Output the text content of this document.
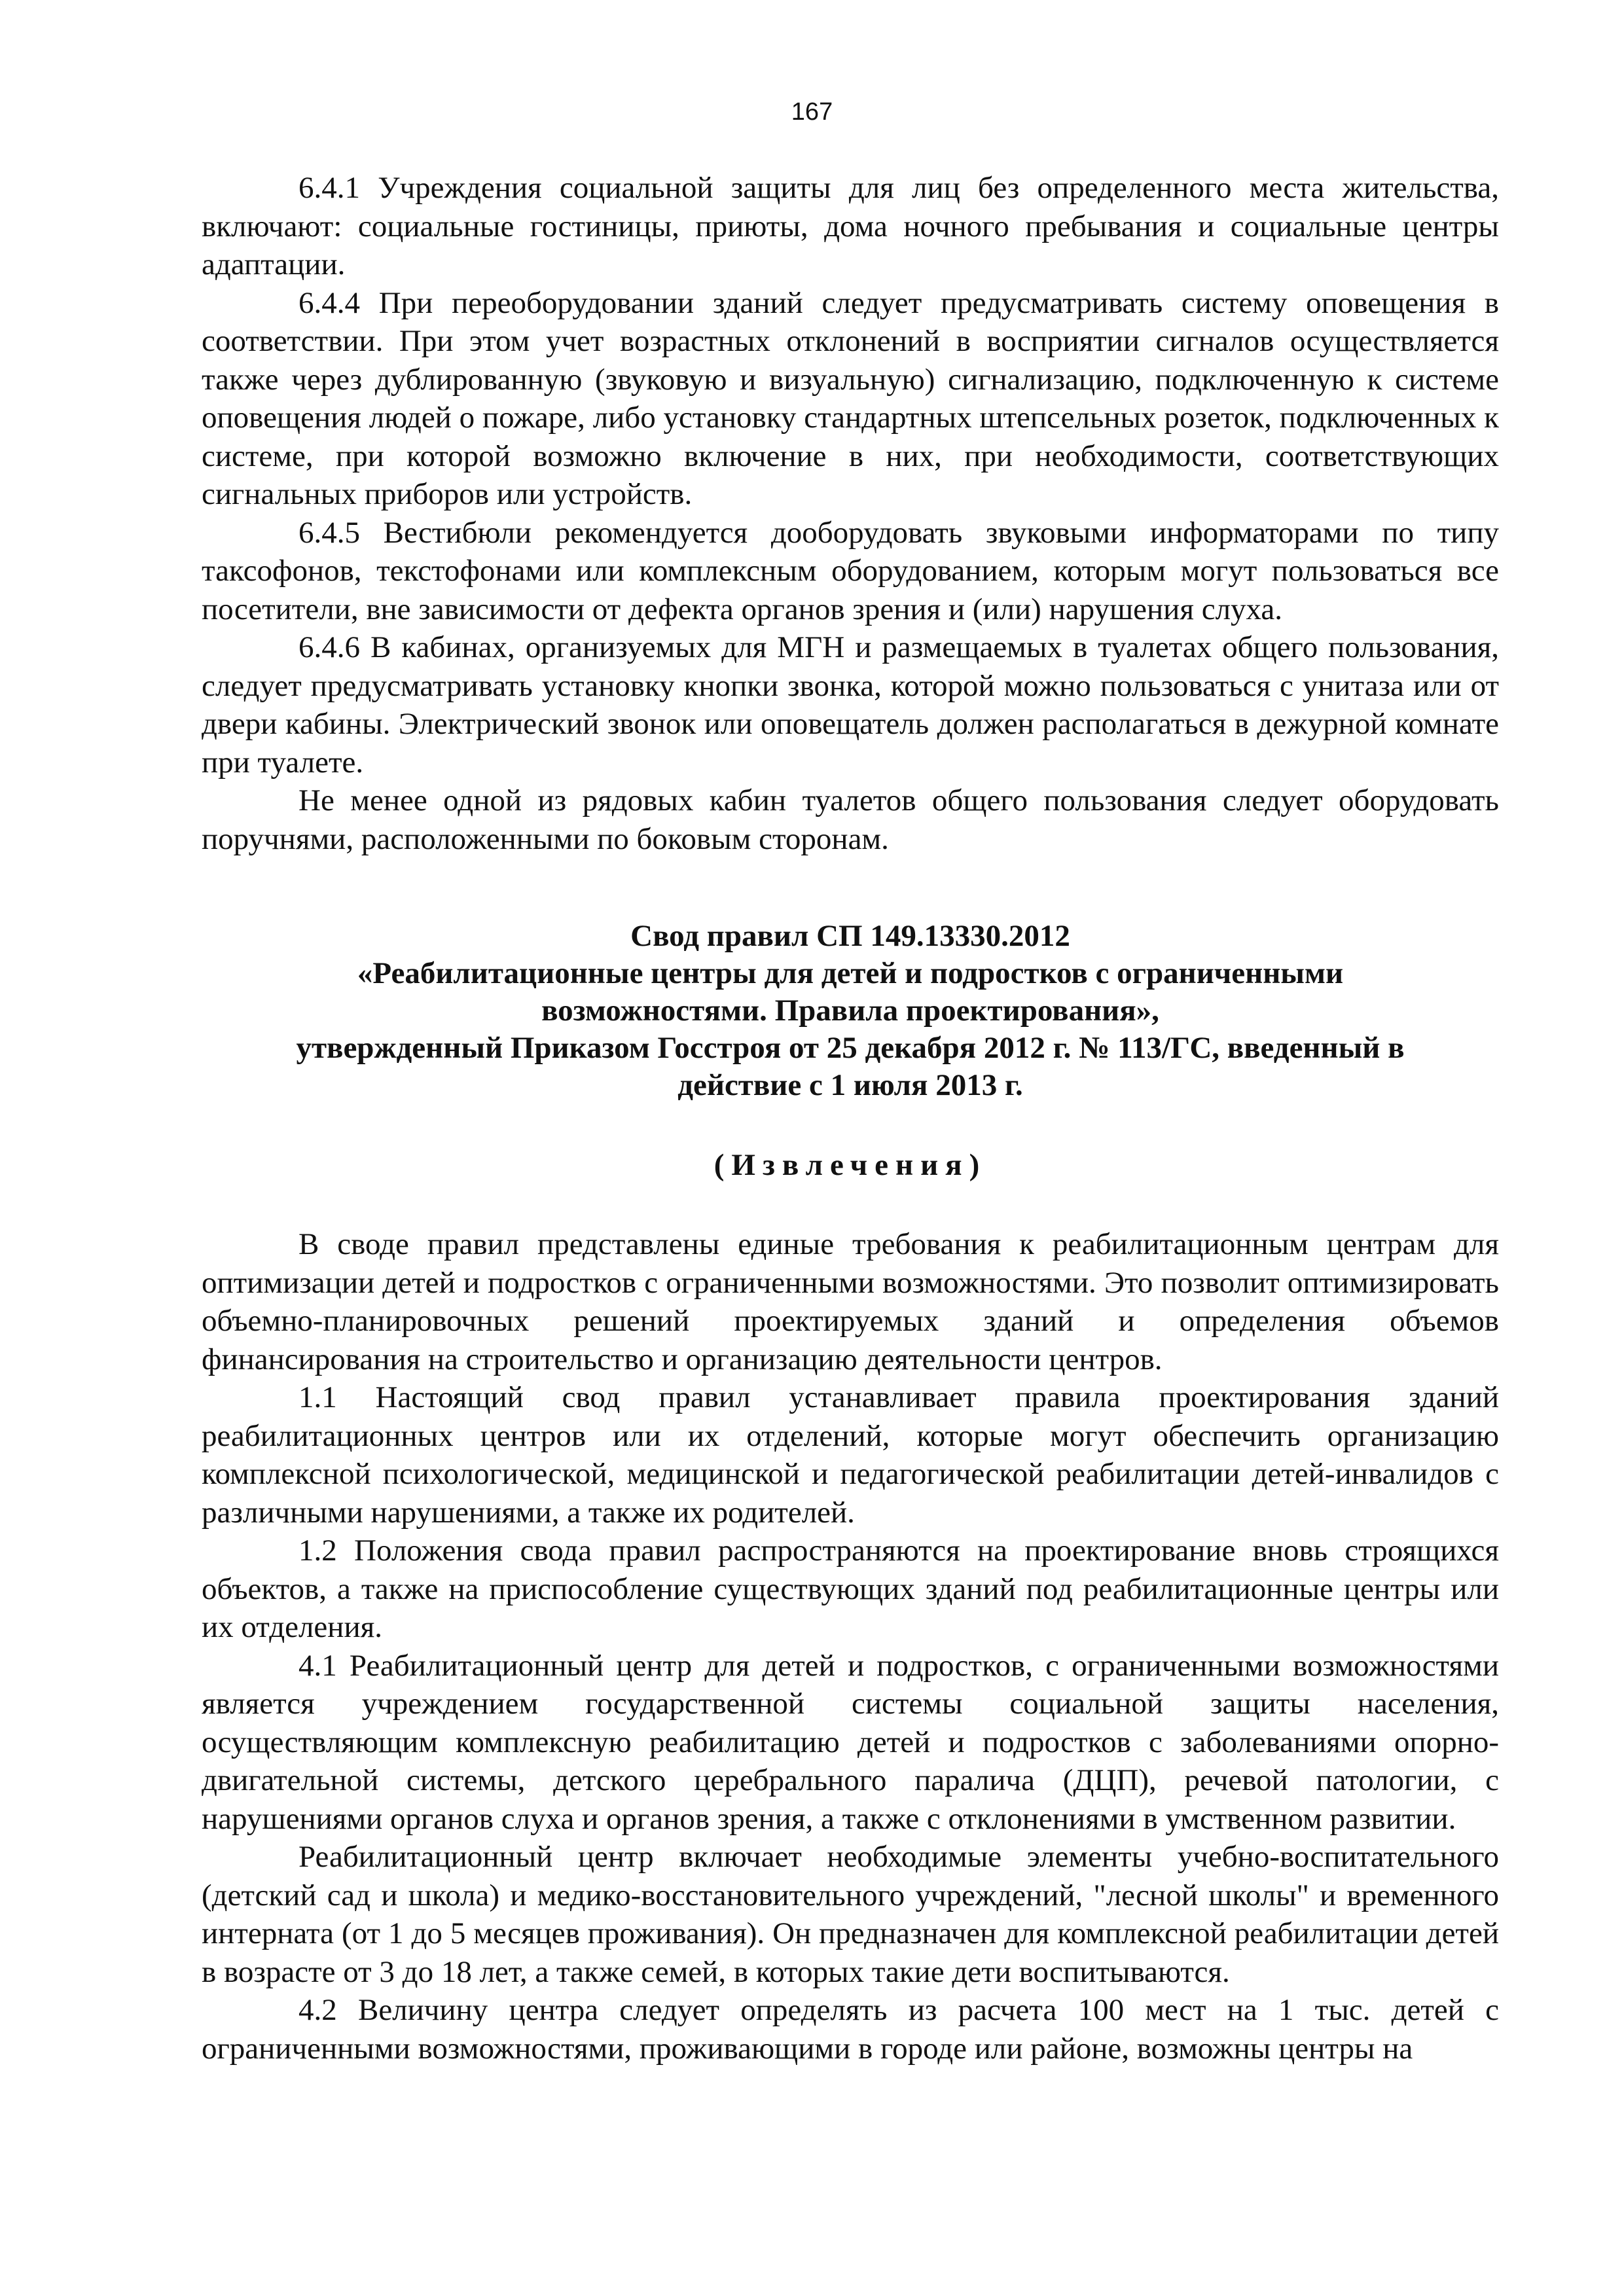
167

6.4.1 Учреждения социальной защиты для лиц без определенного места жительства, включают: социальные гостиницы, приюты, дома ночного пребывания и социальные центры адаптации.

6.4.4 При переоборудовании зданий следует предусматривать систему оповещения в соответствии. При этом учет возрастных отклонений в восприятии сигналов осуществляется также через дублированную (звуковую и визуальную) сигнализацию, подключенную к системе оповещения людей о пожаре, либо установку стандартных штепсельных розеток, подключенных к системе, при которой возможно включение в них, при необходимости, соответствующих сигнальных приборов или устройств.

6.4.5 Вестибюли рекомендуется дооборудовать звуковыми информаторами по типу таксофонов, текстофонами или комплексным оборудованием, которым могут пользоваться все посетители, вне зависимости от дефекта органов зрения и (или) нарушения слуха.

6.4.6 В кабинах, организуемых для МГН и размещаемых в туалетах общего пользования, следует предусматривать установку кнопки звонка, которой можно пользоваться с унитаза или от двери кабины. Электрический звонок или оповещатель должен располагаться в дежурной комнате при туалете.

Не менее одной из рядовых кабин туалетов общего пользования следует оборудовать поручнями, расположенными по боковым сторонам.

Свод правил СП 149.13330.2012
«Реабилитационные центры для детей и подростков с ограниченными
возможностями. Правила проектирования»,
утвержденный Приказом Госстроя от 25 декабря 2012 г. № 113/ГС, введенный в
действие с 1 июля 2013 г.
(Извлечения)

В своде правил представлены единые требования к реабилитационным центрам для оптимизации детей и подростков с ограниченными возможностями. Это позволит оптимизировать объемно-планировочных решений проектируемых зданий и определения объемов финансирования на строительство и организацию деятельности центров.

1.1 Настоящий свод правил устанавливает правила проектирования зданий реабилитационных центров или их отделений, которые могут обеспечить организацию комплексной психологической, медицинской и педагогической реабилитации детей-инвалидов с различными нарушениями, а также их родителей.

1.2 Положения свода правил распространяются на проектирование вновь строящихся объектов, а также на приспособление существующих зданий под реабилитационные центры или их отделения.

4.1 Реабилитационный центр для детей и подростков, с ограниченными возможностями является учреждением государственной системы социальной защиты населения, осуществляющим комплексную реабилитацию детей и подростков с заболеваниями опорно-двигательной системы, детского церебрального паралича (ДЦП), речевой патологии, с нарушениями органов слуха и органов зрения, а также с отклонениями в умственном развитии.

Реабилитационный центр включает необходимые элементы учебно-воспитательного (детский сад и школа) и медико-восстановительного учреждений, "лесной школы" и временного интерната (от 1 до 5 месяцев проживания). Он предназначен для комплексной реабилитации детей в возрасте от 3 до 18 лет, а также семей, в которых такие дети воспитываются.

4.2 Величину центра следует определять из расчета 100 мест на 1 тыс. детей с ограниченными возможностями, проживающими в городе или районе, возможны центры на
